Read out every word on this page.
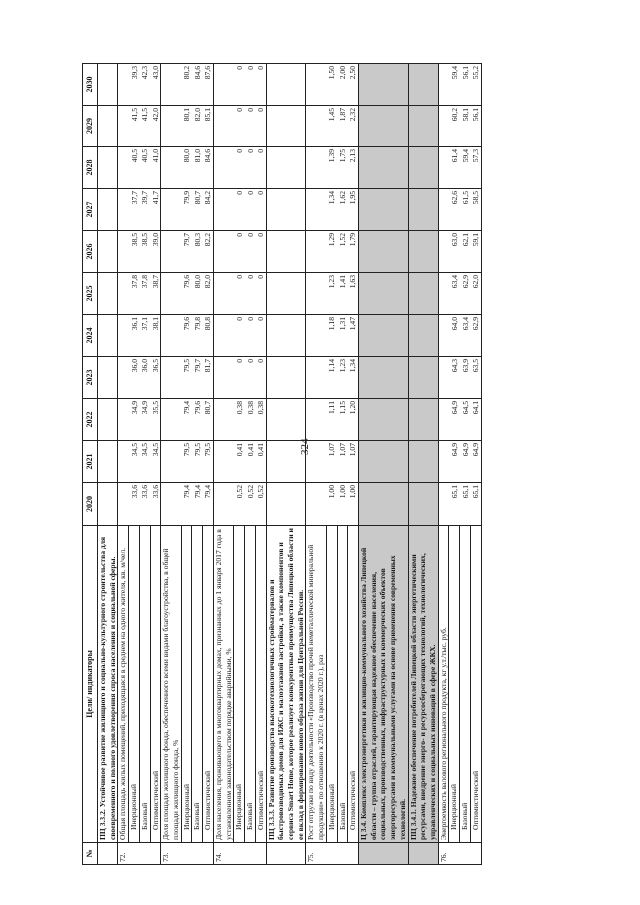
324
№	Цели/ индикаторы	2020	2021	2022	2023	2024	2025	2026	2027	2028	2029	2030
	ПЦ 3.3.2. Устойчивое развитие жилищного и социально-культурного строительства для своевременного и полного удовлетворения спроса населения и социальной сферы.											
72.	Общая площадь жилых помещений, приходящаяся в среднем на одного жителя, кв. м/чел.											
	Инерционный	33,6	34,5	34,9	36,0	36,1	37,8	38,5	37,7	40,5	41,5	39,3
	Базовый	33,6	34,5	34,9	36,0	37,1	37,8	38,5	39,7	40,5	41,5	42,3
	Оптимистический	33,6	34,5	35,5	36,5	38,1	38,7	39,0	41,7	41,0	42,0	43,0
73.	Доля площади жилищного фонда, обеспеченного всеми видами благоустройства, в общей площади жилищного фонда, %											
	Инерционный	79,4	79,5	79,4	79,5	79,6	79,6	79,7	79,9	80,0	80,1	80,2
	Базовый	79,4	79,5	79,6	79,7	79,8	80,0	80,3	80,7	81,0	82,0	84,6
	Оптимистический	79,4	79,5	80,7	81,7	80,8	82,0	82,2	84,2	84,6	85,1	87,6
74.	Доля населения, проживающего в многоквартирных домах, признанных до 1 января 2017 года в установленном законодательством порядке аварийными, %											
	Инерционный	0,52	0,41	0,38	0	0	0	0	0	0	0	0
	Базовый	0,52	0,41	0,38	0	0	0	0	0	0	0	0
	Оптимистический	0,52	0,41	0,38	0	0	0	0	0	0	0	0
	ПЦ 3.3.3. Развитие производства высокотехнологичных стройматериалов и быстровозводимых домов для ИЖС и малоэтажной застройки, а также компонентов и сервиса Smart Home, которое реализует конкурентные преимущества Липецкой области и ее вклад в формирование нового образа жизни для Центральной России.											
75.	Рост отгрузки по виду деятельности «Производство прочей неметаллической минеральной продукции» по отношению к 2020 г. (в ценах 2020 г.), раз											
	Инерционный	1,00	1,07	1,11	1,14	1,18	1,23	1,29	1,34	1,39	1,45	1,50
	Базовый	1,00	1,07	1,15	1,23	1,31	1,41	1,52	1,62	1,75	1,87	2,00
	Оптимистический	1,00	1,07	1,20	1,34	1,47	1,63	1,79	1,95	2,13	2,32	2,50
	Ц 3.4. Комплекс электроэнергетики и жилищно-коммунального хозяйства Липецкой области – группа отраслей, гарантирующая надежное обеспечение населения, социальных, производственных, инфраструктурных и коммерческих объектов энергоресурсами и коммунальными услугами на основе применения современных технологий.											
	ПЦ 3.4.1. Надежное обеспечение потребителей Липецкой области энергетическими ресурсами, внедрение энерго- и ресурсосберегающих технологий, технологических, управленческих и социальных инноваций в сфере ЖКХ.											
76.	Энергоемкость валового регионального продукта, кг у.т./тыс. руб.											
	Инерционный	65,1	64,9	64,9	64,3	64,0	63,4	63,0	62,6	61,4	60,2	59,4
	Базовый	65,1	64,9	64,5	63,9	63,4	62,9	62,1	61,5	59,4	58,1	56,1
	Оптимистический	65,1	64,9	64,1	63,5	62,9	62,0	59,1	58,5	57,3	56,1	55,2
